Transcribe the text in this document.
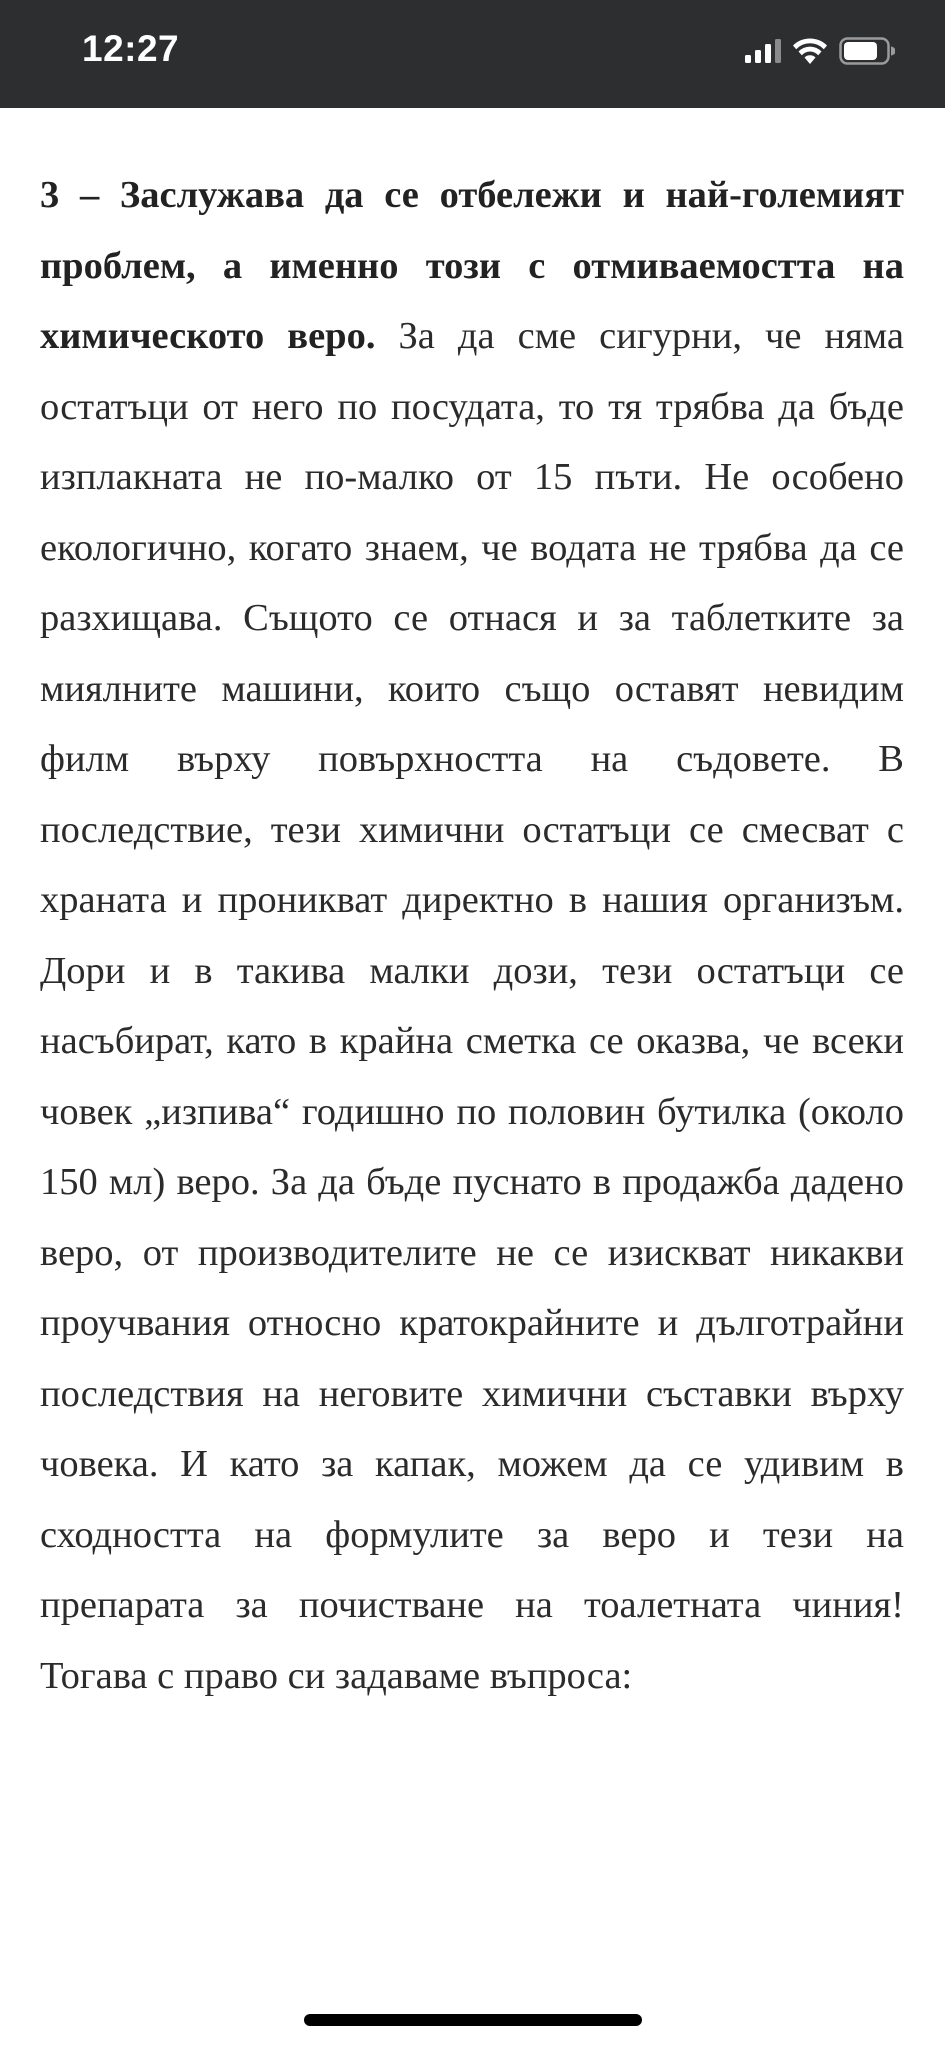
12:27

3 – Заслужава да се отбележи и най-големият проблем, а именно този с отмиваемостта на химическото веро. За да сме сигурни, че няма остатъци от него по посудата, то тя трябва да бъде изплакната не по-малко от 15 пъти. Не особено екологично, когато знаем, че водата не трябва да се разхищава. Същото се отнася и за таблетките за миялните машини, които също оставят невидим филм върху повърхността на съдовете. В последствие, тези химични остатъци се смесват с храната и проникват директно в нашия организъм. Дори и в такива малки дози, тези остатъци се насъбират, като в крайна сметка се оказва, че всеки човек „изпива“ годишно по половин бутилка (около 150 мл) веро. За да бъде пуснато в продажба дадено веро, от производителите не се изискват никакви проучвания относно кратокрайните и дълготрайни последствия на неговите химични съставки върху човека. И като за капак, можем да се удивим в сходността на формулите за веро и тези на препарата за почистване на тоалетната чиния! Тогава с право си задаваме въпроса:
